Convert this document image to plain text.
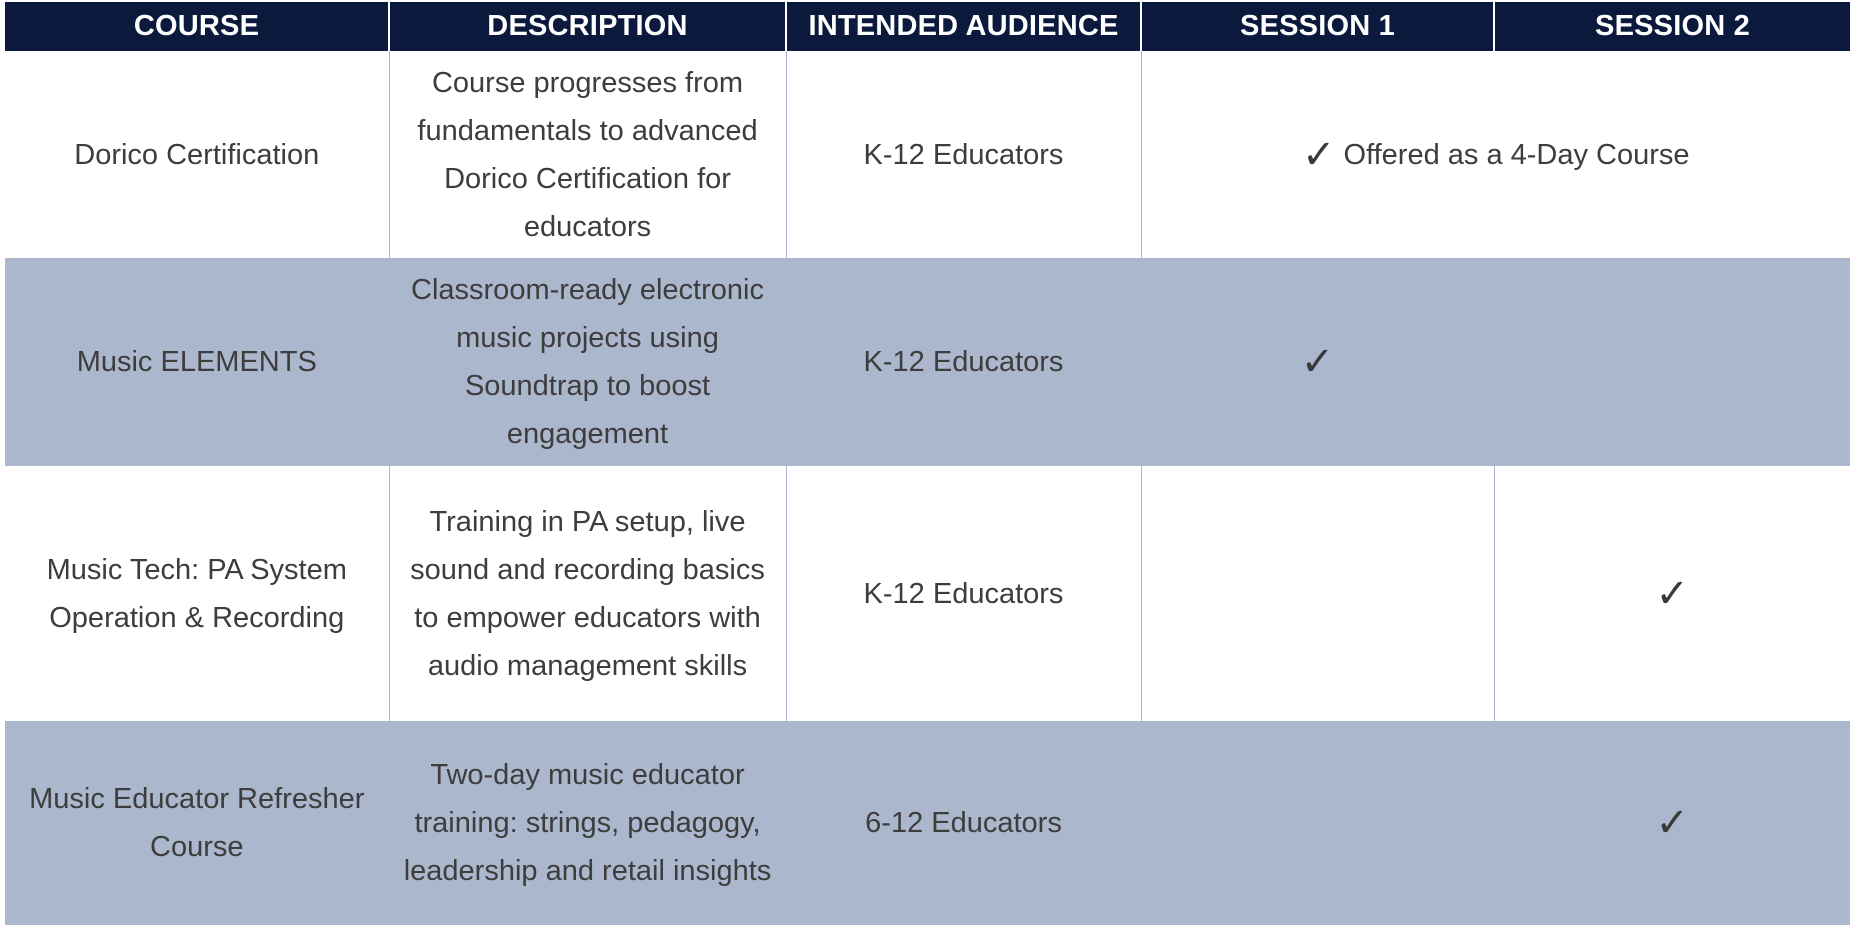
COURSE	DESCRIPTION	INTENDED AUDIENCE	SESSION 1	SESSION 2
Dorico Certification	Course progresses from fundamentals to advanced Dorico Certification for educators	K-12 Educators	✓ Offered as a 4-Day Course	
Music ELEMENTS	Classroom-ready electronic music projects using Soundtrap to boost engagement	K-12 Educators	✓	
Music Tech: PA System Operation & Recording	Training in PA setup, live sound and recording basics to empower educators with audio management skills	K-12 Educators		✓
Music Educator Refresher Course	Two-day music educator training: strings, pedagogy, leadership and retail insights	6-12 Educators		✓
